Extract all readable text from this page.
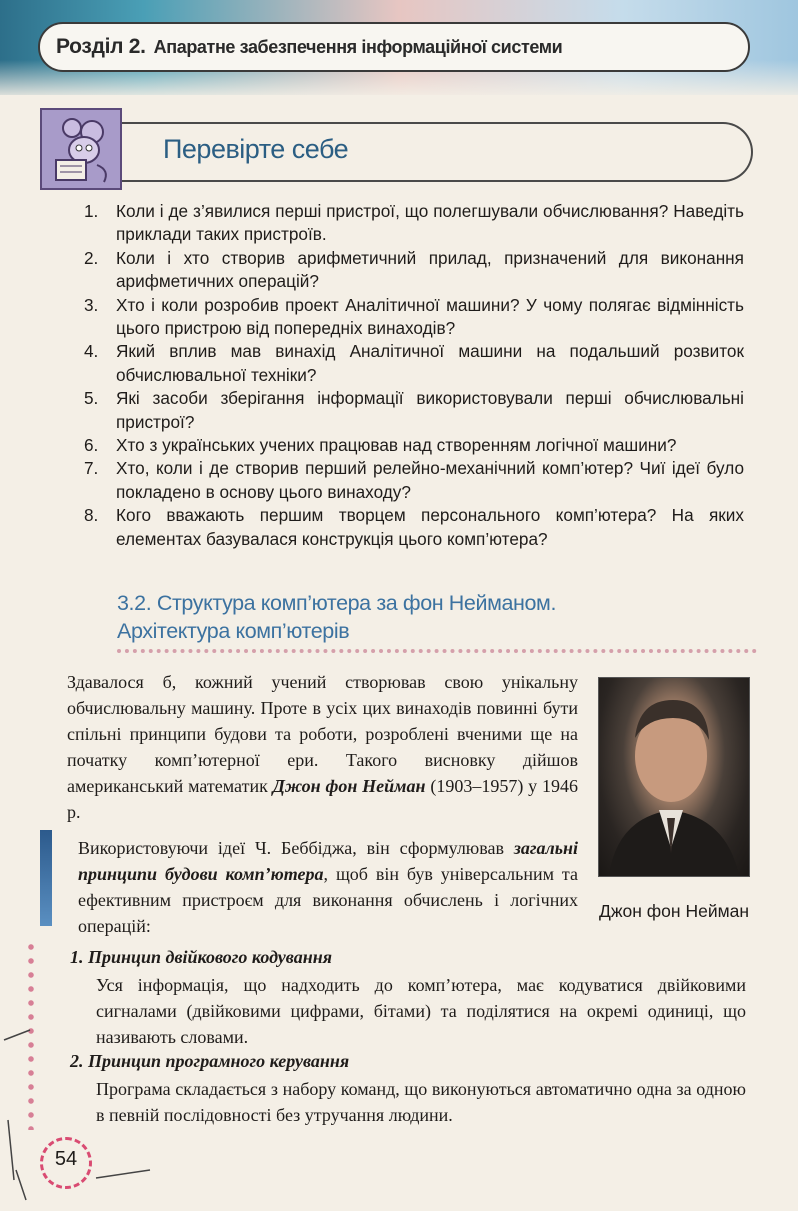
Розділ 2. Апаратне забезпечення інформаційної системи
Перевірте себе
1. Коли і де з’явилися перші пристрої, що полегшували обчислювання? Наведіть приклади таких пристроїв.
2. Коли і хто створив арифметичний прилад, призначений для виконання арифметичних операцій?
3. Хто і коли розробив проект Аналітичної машини? У чому полягає відмінність цього пристрою від попередніх винаходів?
4. Який вплив мав винахід Аналітичної машини на подальший розвиток обчислювальної техніки?
5. Які засоби зберігання інформації використовували перші обчислювальні пристрої?
6. Хто з українських учених працював над створенням логічної машини?
7. Хто, коли і де створив перший релейно-механічний комп’ютер? Чиї ідеї було покладено в основу цього винаходу?
8. Кого вважають першим творцем персонального комп’ютера? На яких елементах базувалася конструкція цього комп’ютера?
3.2. Структура комп’ютера за фон Нейманом.
Архітектура комп’ютерів
Здавалося б, кожний учений створював свою унікальну обчислювальну машину. Проте в усіх цих винаходів повинні бути спільні принципи будови та роботи, розроблені вченими ще на початку комп’ютерної ери. Такого висновку дійшов американський математик Джон фон Нейман (1903–1957) у 1946 р.
Джон фон Нейман
Використовуючи ідеї Ч. Беббіджа, він сформулював загальні принципи будови комп’ютера, щоб він був універсальним та ефективним пристроєм для виконання обчислень і логічних операцій:
1. Принцип двійкового кодування
Уся інформація, що надходить до комп’ютера, має кодуватися двійковими сигналами (двійковими цифрами, бітами) та поділятися на окремі одиниці, що називають словами.
2. Принцип програмного керування
Програма складається з набору команд, що виконуються автоматично одна за одною в певній послідовності без утручання людини.
54
